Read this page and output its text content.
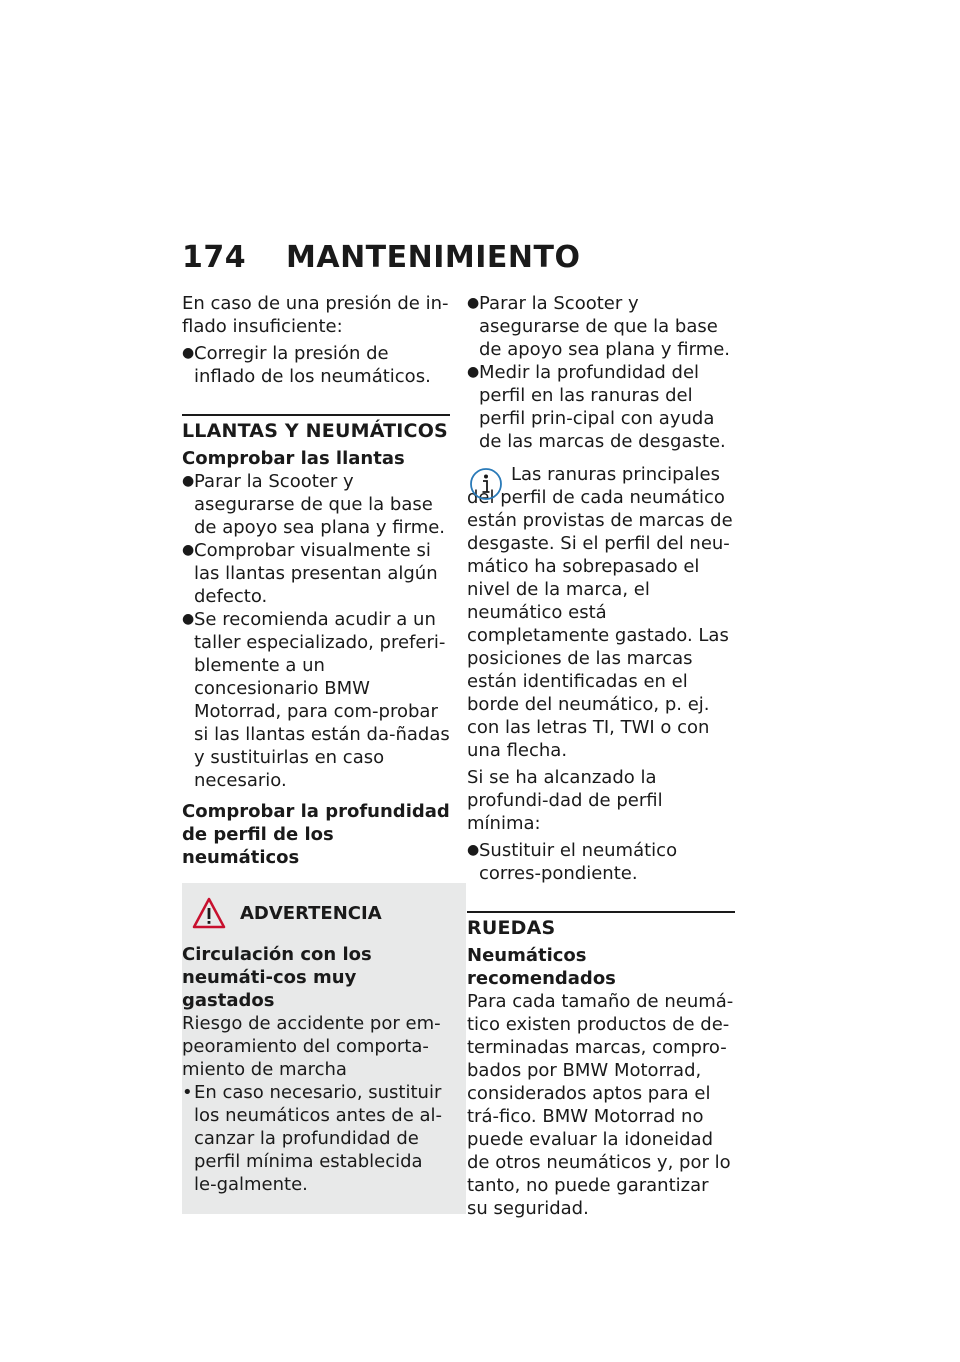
174 MANTENIMIENTO

En caso de una presión de in-flado insuficiente:

● Corregir la presión de inflado de los neumáticos.
LLANTAS Y NEUMÁTICOS
Comprobar las llantas
● Parar la Scooter y asegurarse de que la base de apoyo sea plana y firme.
● Comprobar visualmente si las llantas presentan algún defecto.
● Se recomienda acudir a un taller especializado, preferi-blemente a un concesionario BMW Motorrad, para com-probar si las llantas están da-ñadas y sustituirlas en caso necesario.
Comprobar la profundidad de perfil de los neumáticos
ADVERTENCIA
Circulación con los neumáti-cos muy gastados

Riesgo de accidente por em-peoramiento del comporta-miento de marcha

• En caso necesario, sustituir los neumáticos antes de al-canzar la profundidad de perfil mínima establecida le-galmente.
● Parar la Scooter y asegurarse de que la base de apoyo sea plana y firme.
● Medir la profundidad del perfil en las ranuras del perfil prin-cipal con ayuda de las marcas de desgaste.

Las ranuras principales del perfil de cada neumático están provistas de marcas de desgaste. Si el perfil del neu-mático ha sobrepasado el nivel de la marca, el neumático está completamente gastado. Las posiciones de las marcas están identificadas en el borde del neumático, p. ej. con las letras TI, TWI o con una flecha.

Si se ha alcanzado la profundi-dad de perfil mínima:

● Sustituir el neumático corres-pondiente.
RUEDAS
Neumáticos recomendados

Para cada tamaño de neumá-tico existen productos de de-terminadas marcas, compro-bados por BMW Motorrad, considerados aptos para el trá-fico. BMW Motorrad no puede evaluar la idoneidad de otros neumáticos y, por lo tanto, no puede garantizar su seguridad.
